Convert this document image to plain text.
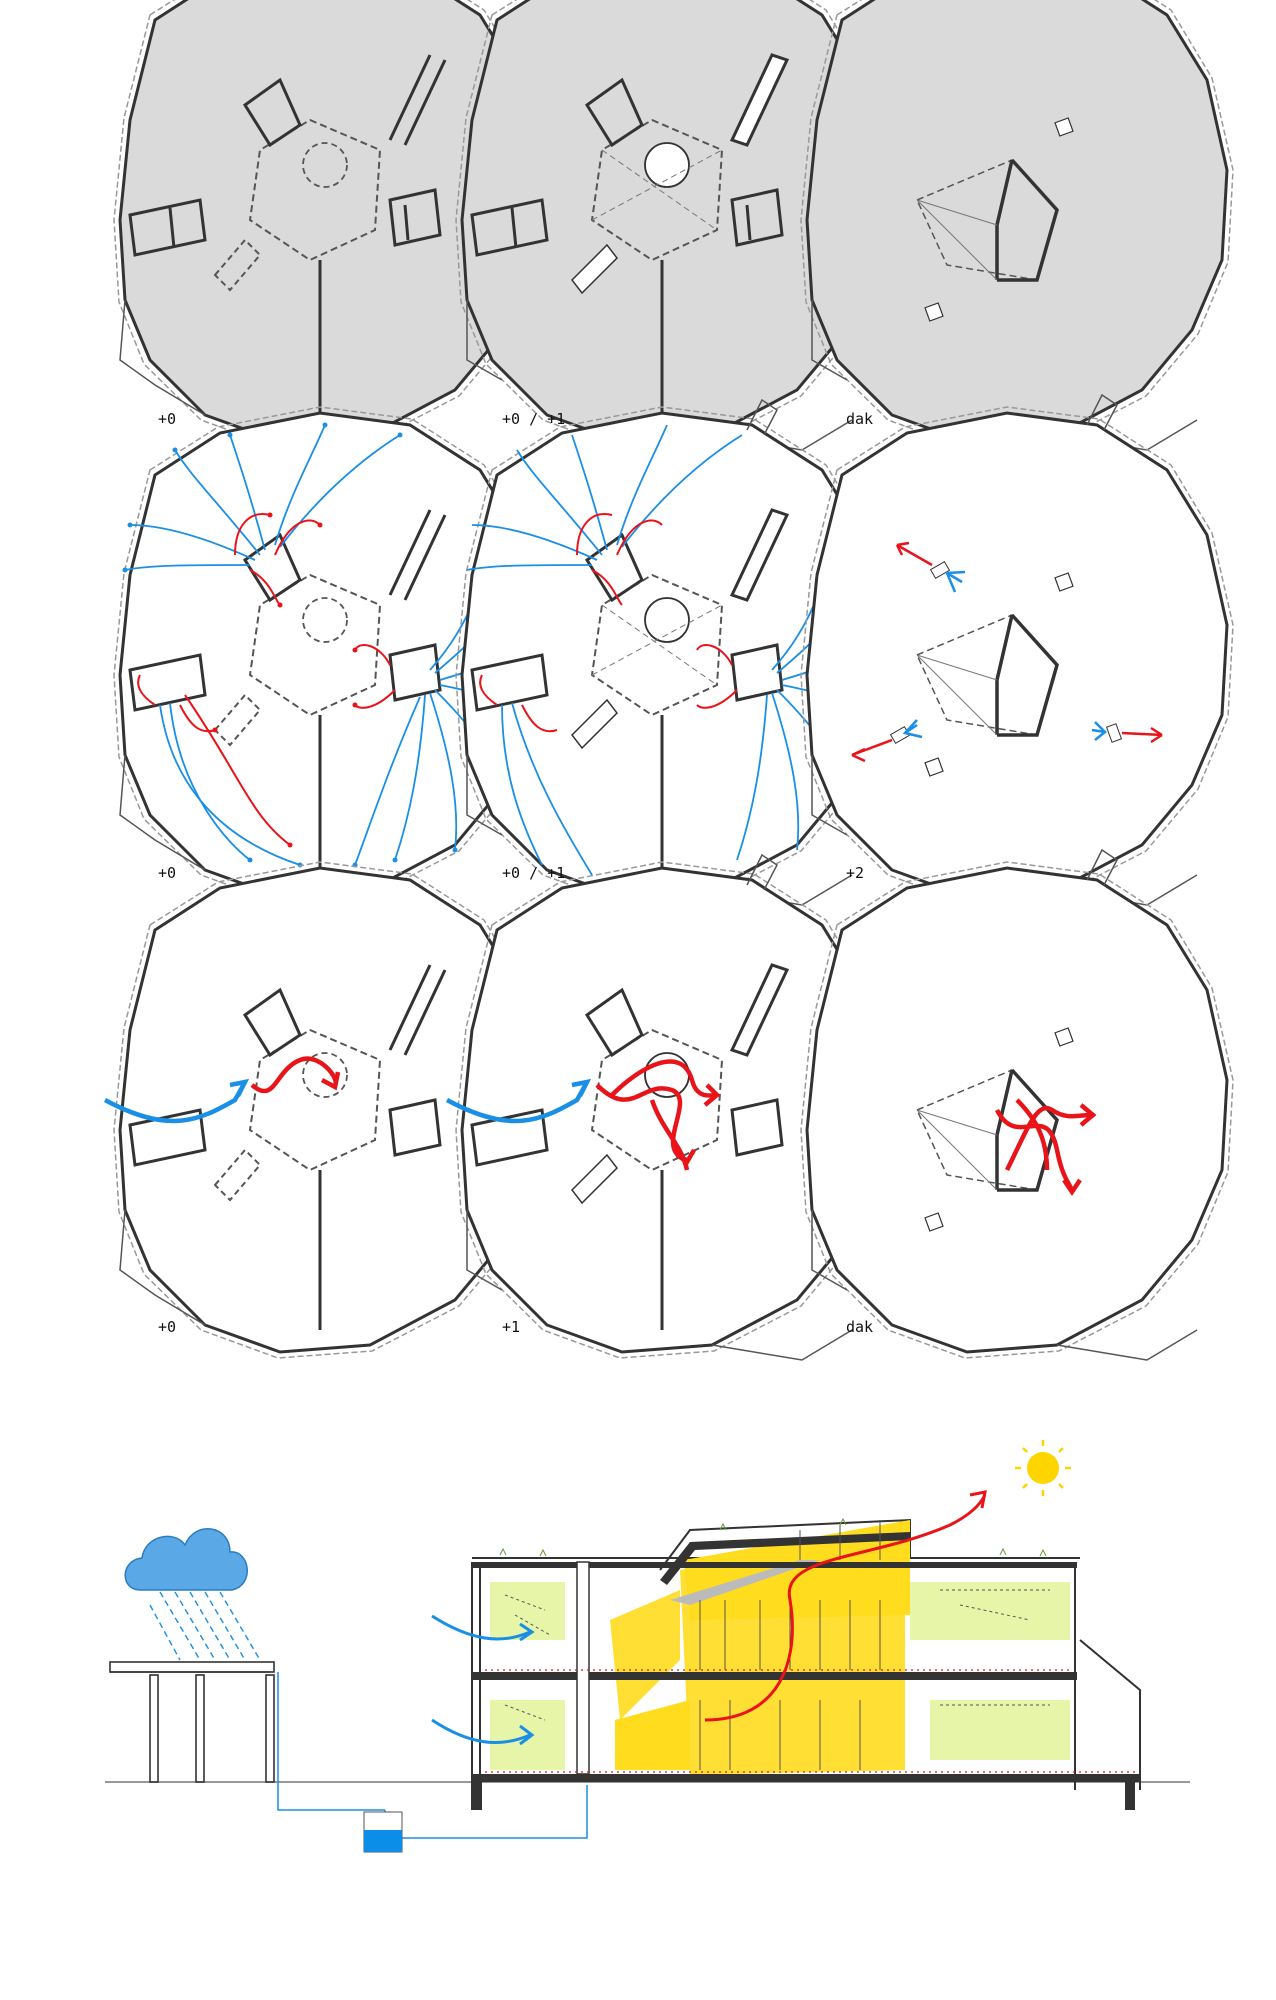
+0	+0 / +1	dak
+0	+0 / +1	+2
+0	+1	dak
